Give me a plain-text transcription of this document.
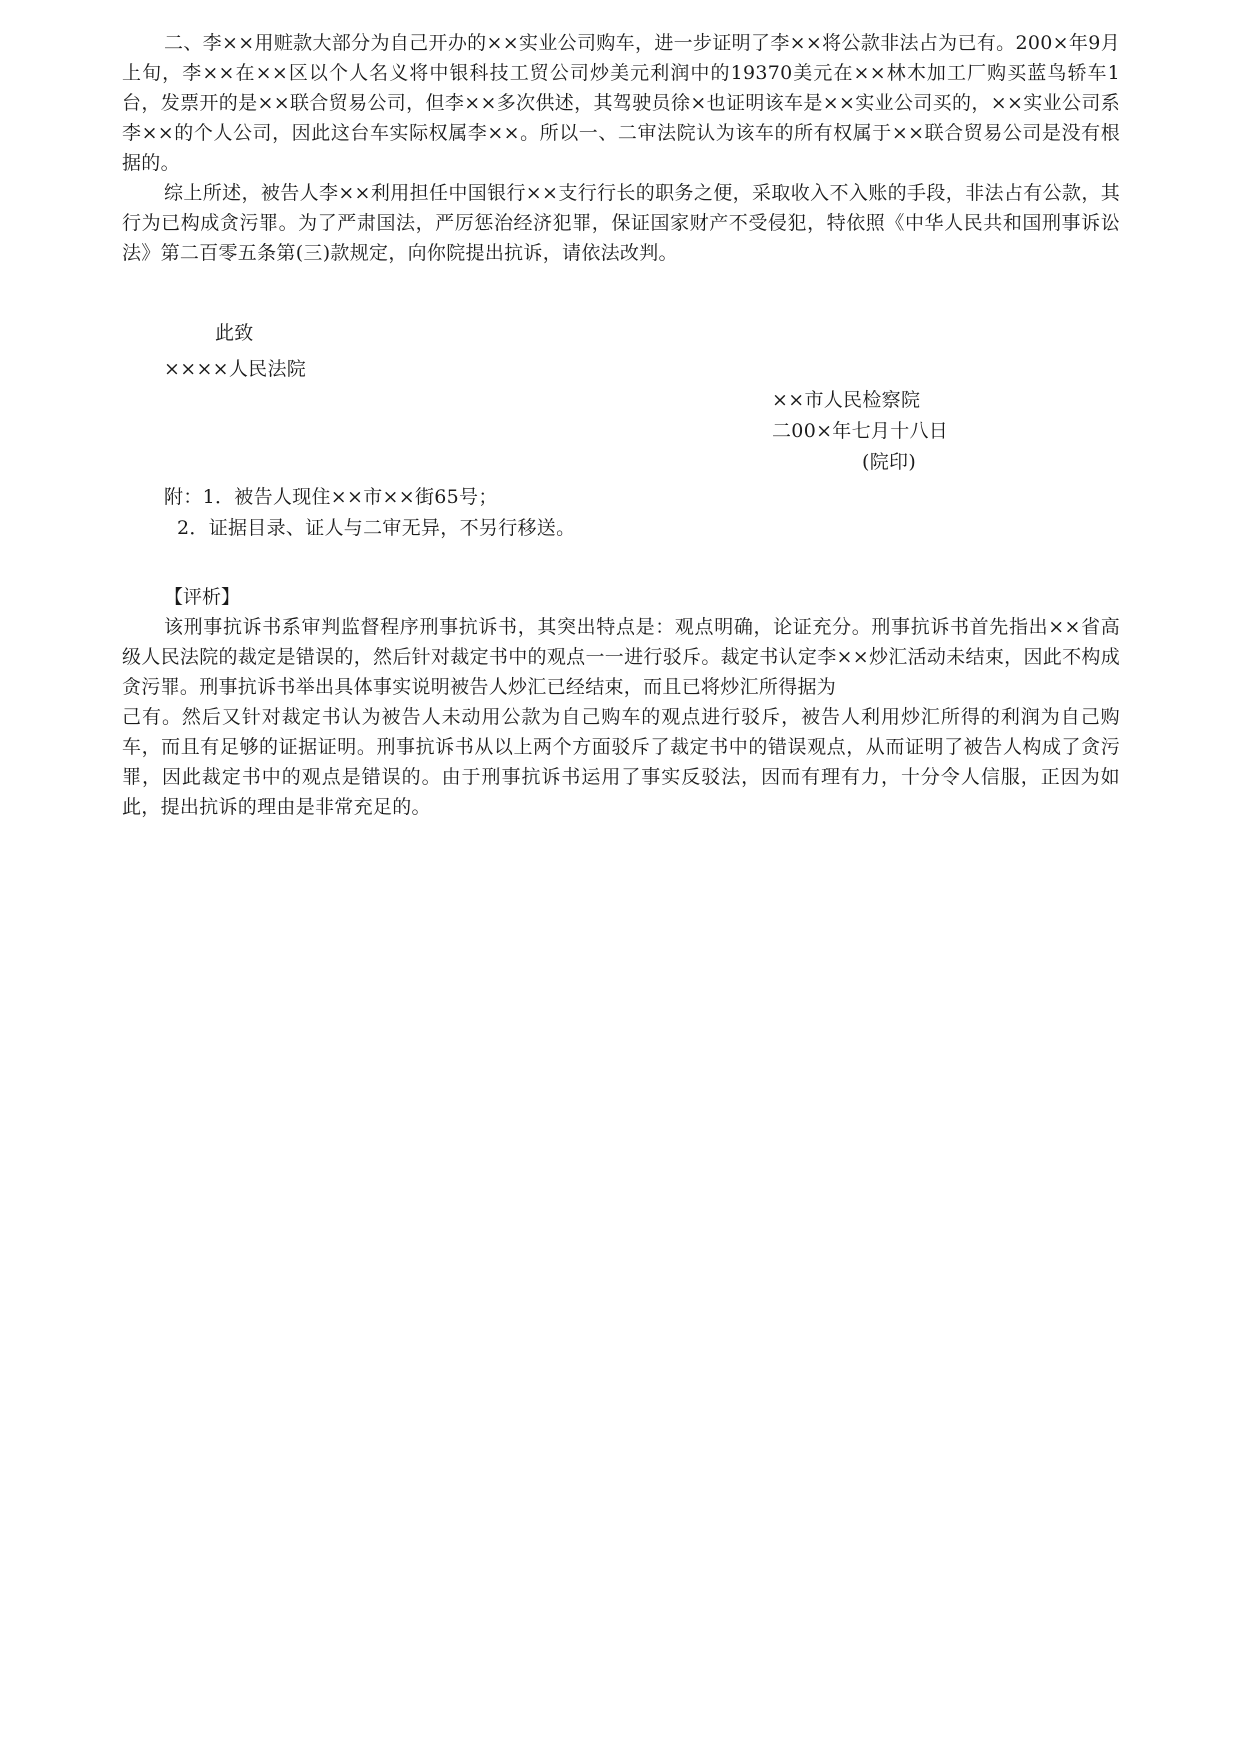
二、李××用赃款大部分为自己开办的××实业公司购车，进一步证明了李××将公款非法占为已有。200×年9月上旬，李××在××区以个人名义将中银科技工贸公司炒美元利润中的19370美元在××林木加工厂购买蓝鸟轿车1台，发票开的是××联合贸易公司，但李××多次供述，其驾驶员徐×也证明该车是××实业公司买的，××实业公司系李××的个人公司，因此这台车实际权属李××。所以一、二审法院认为该车的所有权属于××联合贸易公司是没有根据的。

综上所述，被告人李××利用担任中国银行××支行行长的职务之便，采取收入不入账的手段，非法占有公款，其行为已构成贪污罪。为了严肃国法，严厉惩治经济犯罪，保证国家财产不受侵犯，特依照《中华人民共和国刑事诉讼法》第二百零五条第(三)款规定，向你院提出抗诉，请依法改判。

此致
××××人民法院
××市人民检察院
二00×年七月十八日
(院印)
附：1．被告人现住××市××街65号；
2．证据目录、证人与二审无异，不另行移送。
【评析】

该刑事抗诉书系审判监督程序刑事抗诉书，其突出特点是：观点明确，论证充分。刑事抗诉书首先指出××省高级人民法院的裁定是错误的，然后针对裁定书中的观点一一进行驳斥。裁定书认定李××炒汇活动未结束，因此不构成贪污罪。刑事抗诉书举出具体事实说明被告人炒汇已经结束，而且已将炒汇所得据为

己有。然后又针对裁定书认为被告人未动用公款为自己购车的观点进行驳斥，被告人利用炒汇所得的利润为自己购车，而且有足够的证据证明。刑事抗诉书从以上两个方面驳斥了裁定书中的错误观点，从而证明了被告人构成了贪污罪，因此裁定书中的观点是错误的。由于刑事抗诉书运用了事实反驳法，因而有理有力，十分令人信服，正因为如此，提出抗诉的理由是非常充足的。
